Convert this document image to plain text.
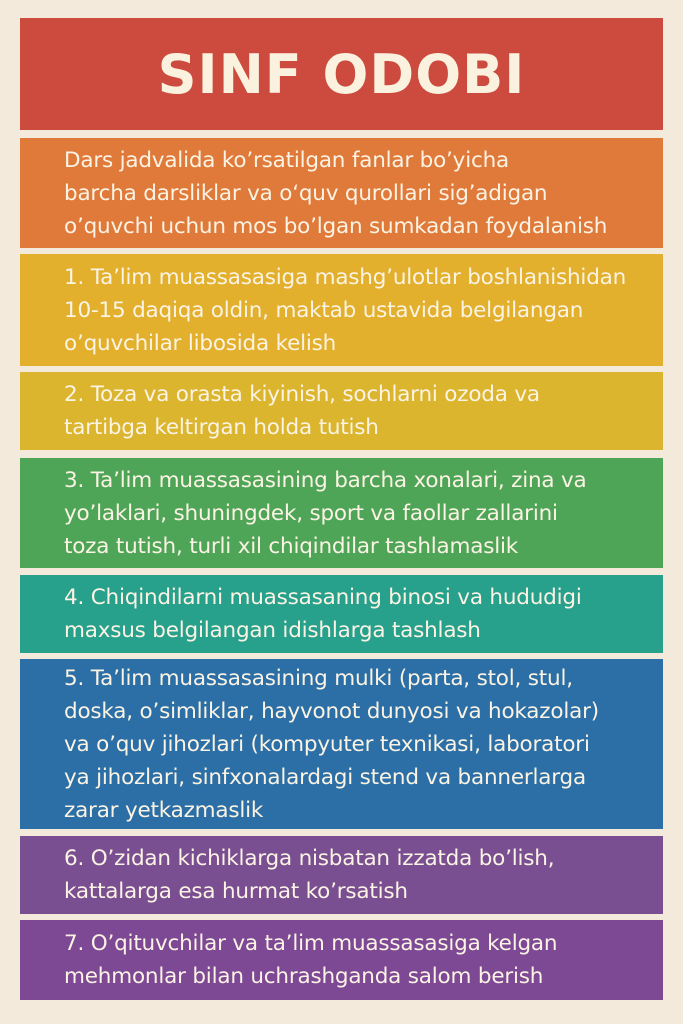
SINF ODOBI
Dars jadvalida ko’rsatilgan fanlar bo’yicha
barcha darsliklar va o‘quv qurollari sig’adigan
o’quvchi uchun mos bo’lgan sumkadan foydalanish
1. Ta’lim muassasasiga mashg’ulotlar boshlanishidan
10-15 daqiqa oldin, maktab ustavida belgilangan
o’quvchilar libosida kelish
2. Toza va orasta kiyinish, sochlarni ozoda va
tartibga keltirgan holda tutish
3. Ta’lim muassasasining barcha xonalari, zina va
yo’laklari, shuningdek, sport va faollar zallarini
toza tutish, turli xil chiqindilar tashlamaslik
4. Chiqindilarni muassasaning binosi va hududigi
maxsus belgilangan idishlarga tashlash
5. Ta’lim muassasasining mulki (parta, stol, stul,
doska, o’simliklar, hayvonot dunyosi va hokazolar)
va o’quv jihozlari (kompyuter texnikasi, laboratori
ya jihozlari, sinfxonalardagi stend va bannerlarga
zarar yetkazmaslik
6. O’zidan kichiklarga nisbatan izzatda bo’lish,
kattalarga esa hurmat ko’rsatish
7. O’qituvchilar va ta’lim muassasasiga kelgan
mehmonlar bilan uchrashganda salom berish
